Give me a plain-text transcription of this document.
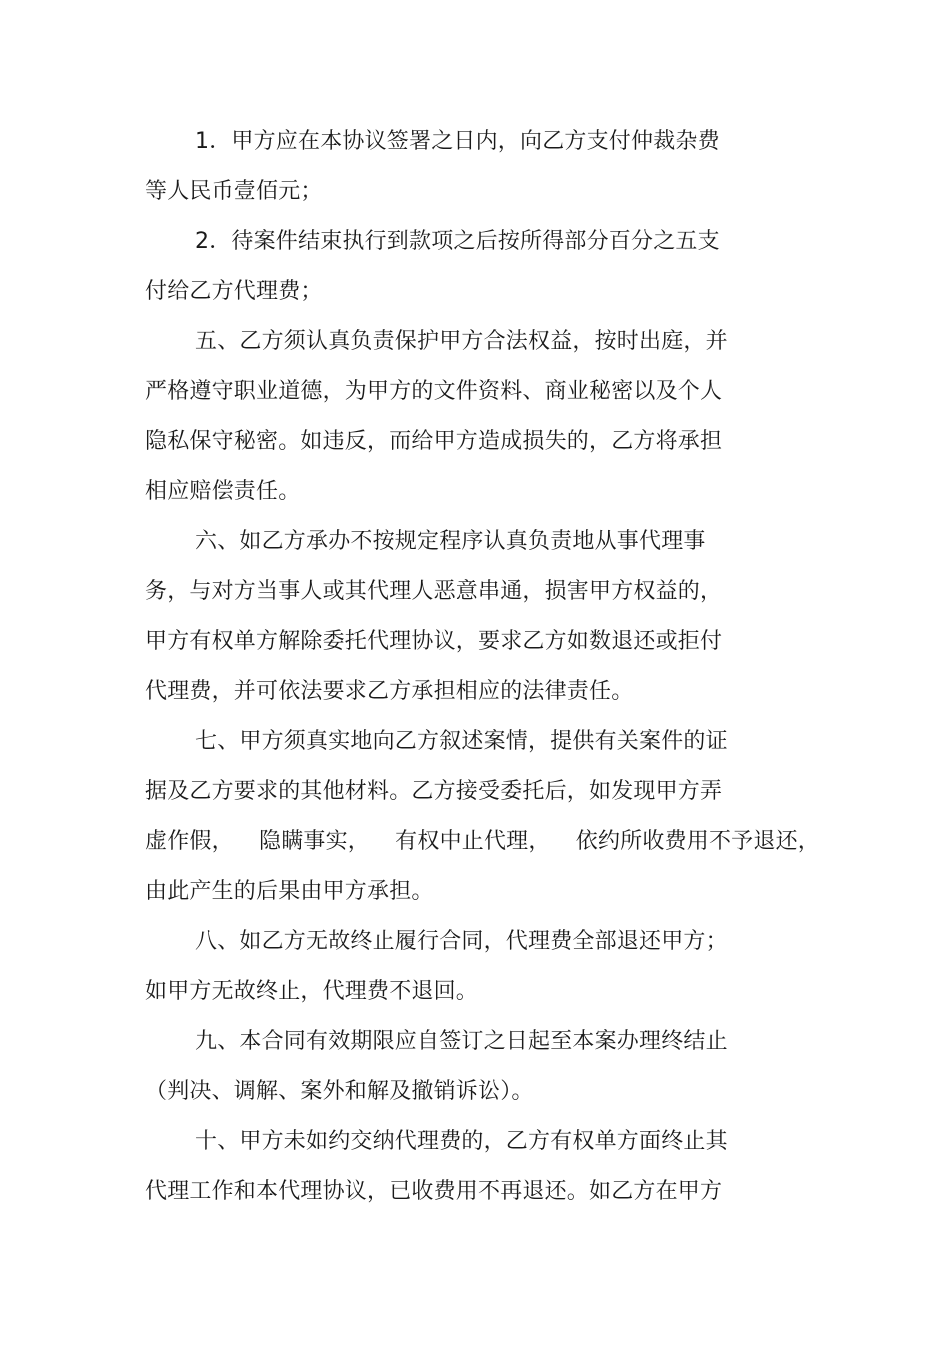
1．甲方应在本协议签署之日内，向乙方支付仲裁杂费
等人民币壹佰元；
2．待案件结束执行到款项之后按所得部分百分之五支
付给乙方代理费；
五、乙方须认真负责保护甲方合法权益，按时出庭，并
严格遵守职业道德，为甲方的文件资料、商业秘密以及个人
隐私保守秘密。如违反，而给甲方造成损失的，乙方将承担
相应赔偿责任。
六、如乙方承办不按规定程序认真负责地从事代理事
务，与对方当事人或其代理人恶意串通，损害甲方权益的，
甲方有权单方解除委托代理协议，要求乙方如数退还或拒付
代理费，并可依法要求乙方承担相应的法律责任。
七、甲方须真实地向乙方叙述案情，提供有关案件的证
据及乙方要求的其他材料。乙方接受委托后，如发现甲方弄
虚作假， 隐瞒事实， 有权中止代理， 依约所收费用不予退还，
由此产生的后果由甲方承担。
八、如乙方无故终止履行合同，代理费全部退还甲方；
如甲方无故终止，代理费不退回。
九、本合同有效期限应自签订之日起至本案办理终结止
（判决、调解、案外和解及撤销诉讼）。
十、甲方未如约交纳代理费的，乙方有权单方面终止其
代理工作和本代理协议，已收费用不再退还。如乙方在甲方
